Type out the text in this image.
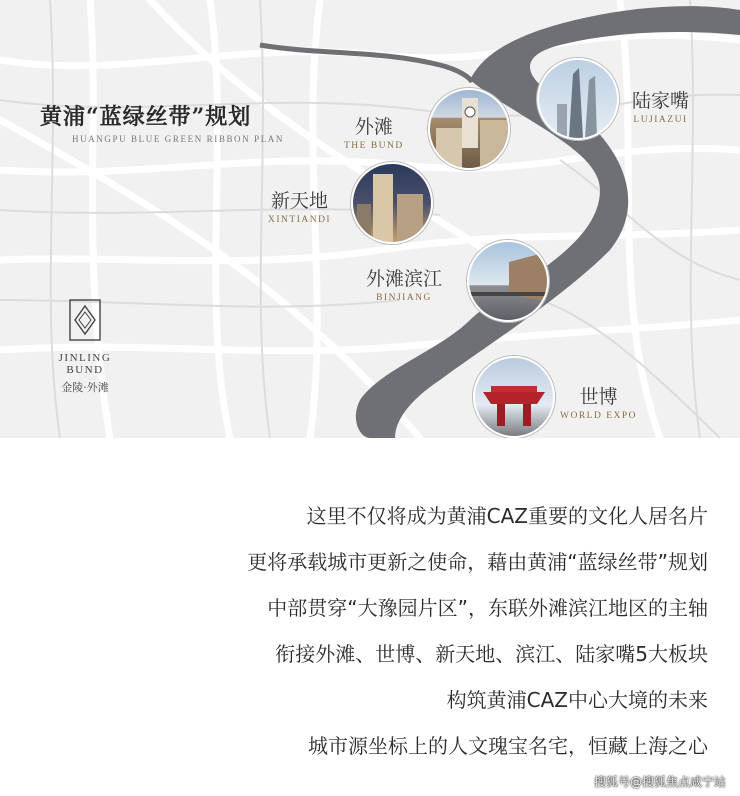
黄浦“蓝绿丝带”规划
HUANGPU BLUE GREEN RIBBON PLAN
外滩
THE BUND
陆家嘴
LUJIAZUI
新天地
XINTIANDI
外滩滨江
BINJIANG
世博
WORLD EXPO
JINLING BUND
金陵·外滩
这里不仅将成为黄浦CAZ重要的文化人居名片
更将承载城市更新之使命，藉由黄浦“蓝绿丝带”规划
中部贯穿“大豫园片区”，东联外滩滨江地区的主轴
衔接外滩、世博、新天地、滨江、陆家嘴5大板块
构筑黄浦CAZ中心大境的未来
城市源坐标上的人文瑰宝名宅，恒藏上海之心
搜狐号@搜狐焦点咸宁站
